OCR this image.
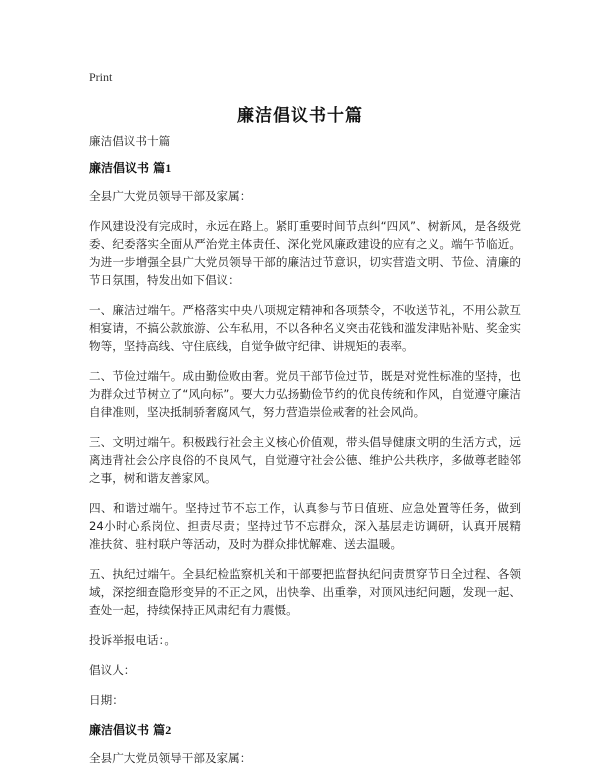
Print
廉洁倡议书十篇
廉洁倡议书十篇
廉洁倡议书 篇1
全县广大党员领导干部及家属：
作风建设没有完成时，永远在路上。紧盯重要时间节点纠“四风”、树新风，是各级党委、纪委落实全面从严治党主体责任、深化党风廉政建设的应有之义。端午节临近。为进一步增强全县广大党员领导干部的廉洁过节意识，切实营造文明、节俭、清廉的节日氛围，特发出如下倡议：
一、廉洁过端午。严格落实中央八项规定精神和各项禁令，不收送节礼，不用公款互相宴请，不搞公款旅游、公车私用，不以各种名义突击花钱和滥发津贴补贴、奖金实物等，坚持高线、守住底线，自觉争做守纪律、讲规矩的表率。
二、节俭过端午。成由勤俭败由奢。党员干部节俭过节，既是对党性标准的坚持，也为群众过节树立了“风向标”。要大力弘扬勤俭节约的优良传统和作风，自觉遵守廉洁自律准则，坚决抵制骄奢腐风气，努力营造崇俭戒奢的社会风尚。
三、文明过端午。积极践行社会主义核心价值观，带头倡导健康文明的生活方式，远离违背社会公序良俗的不良风气，自觉遵守社会公德、维护公共秩序，多做尊老睦邻之事，树和谐友善家风。
四、和谐过端午。坚持过节不忘工作，认真参与节日值班、应急处置等任务，做到24小时心系岗位、担责尽责；坚持过节不忘群众，深入基层走访调研，认真开展精准扶贫、驻村联户等活动，及时为群众排忧解难、送去温暖。
五、执纪过端午。全县纪检监察机关和干部要把监督执纪问责贯穿节日全过程、各领域，深挖细查隐形变异的不正之风，出快拳、出重拳，对顶风违纪问题，发现一起、查处一起，持续保持正风肃纪有力震慑。
投诉举报电话：。
倡议人：
日期：
廉洁倡议书 篇2
全县广大党员领导干部及家属：
